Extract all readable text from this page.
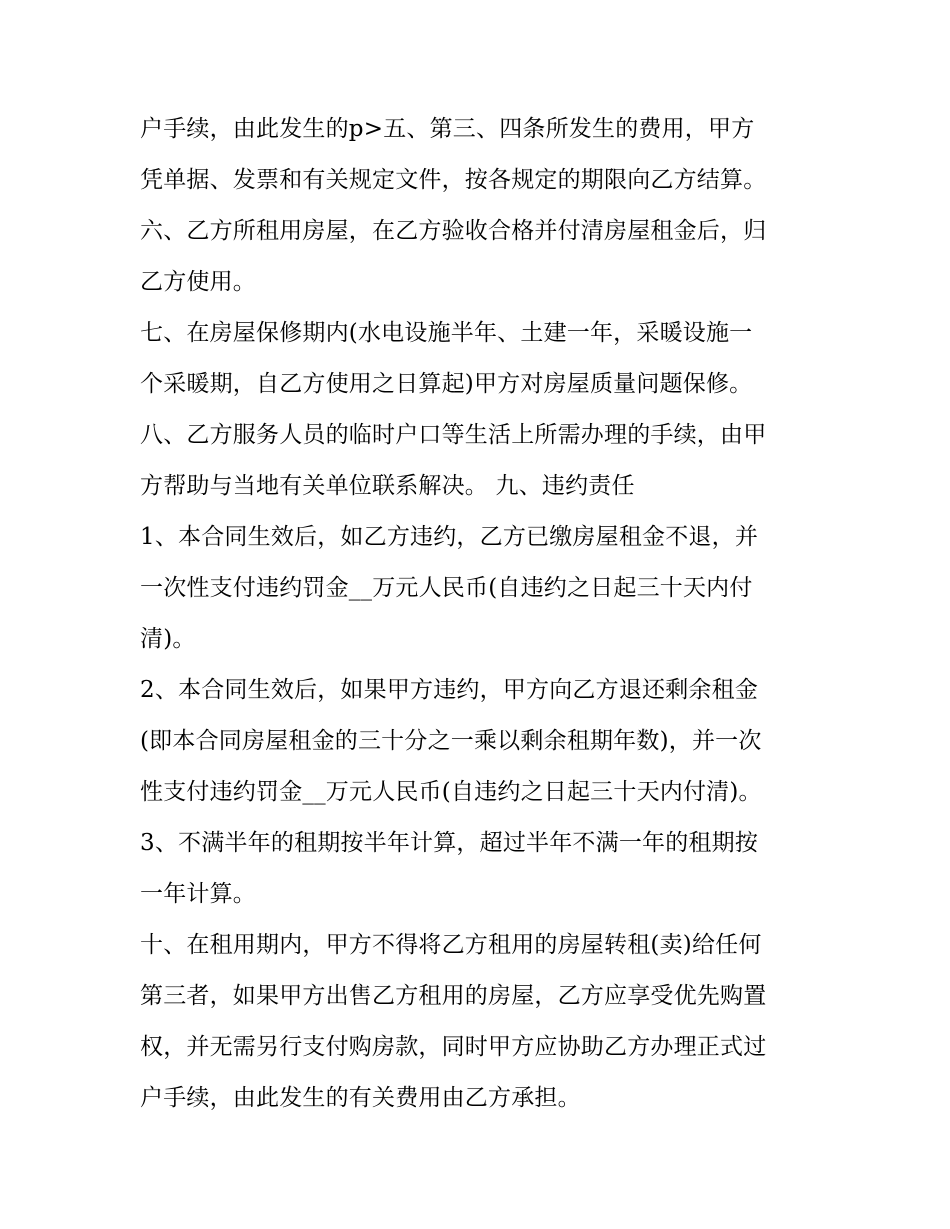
户手续，由此发生的p>五、第三、四条所发生的费用，甲方
凭单据、发票和有关规定文件，按各规定的期限向乙方结算。
六、乙方所租用房屋，在乙方验收合格并付清房屋租金后，归
乙方使用。
七、在房屋保修期内(水电设施半年、土建一年，采暖设施一
个采暖期，自乙方使用之日算起)甲方对房屋质量问题保修。
八、乙方服务人员的临时户口等生活上所需办理的手续，由甲
方帮助与当地有关单位联系解决。 九、违约责任
1、本合同生效后，如乙方违约，乙方已缴房屋租金不退，并
一次性支付违约罚金__万元人民币(自违约之日起三十天内付
清)。
2、本合同生效后，如果甲方违约，甲方向乙方退还剩余租金
(即本合同房屋租金的三十分之一乘以剩余租期年数)，并一次
性支付违约罚金__万元人民币(自违约之日起三十天内付清)。
3、不满半年的租期按半年计算，超过半年不满一年的租期按
一年计算。
十、在租用期内，甲方不得将乙方租用的房屋转租(卖)给任何
第三者，如果甲方出售乙方租用的房屋，乙方应享受优先购置
权，并无需另行支付购房款，同时甲方应协助乙方办理正式过
户手续，由此发生的有关费用由乙方承担。
